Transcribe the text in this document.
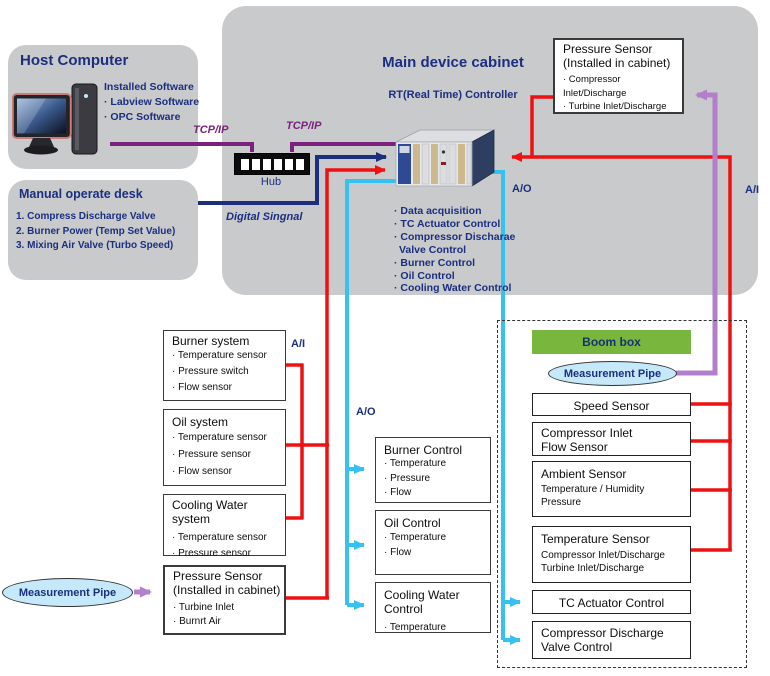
Host Computer
Installed Software
· Labview Software
· OPC Software
Manual operate desk
1. Compress Discharge Valve
2. Burner Power (Temp Set Value)
3. Mixing Air Valve (Turbo Speed)
Hub
TCP/IP	TCP/IP
Digital Singnal
A/O	A/I
A/I
A/O
Main device cabinet
RT(Real Time) Controller
· Data acquisition
· TC Actuator Control
· Compressor Discharae
Valve Control
· Burner Control
· Oil Control
· Cooling Water Control
Pressure Sensor
(Installed in cabinet)
· Compressor Inlet/Discharge
· Turbine Inlet/Discharge
Burner system
· Temperature sensor
· Pressure switch
· Flow sensor
Oil system
· Temperature sensor
· Pressure sensor
· Flow sensor
Cooling Water system
· Temperature sensor
· Pressure sensor
Pressure Sensor
(Installed in cabinet)
· Turbine Inlet
· Burnrt Air
Measurement Pipe
Measurement Pipe
Burner Control
· Temperature
· Pressure
· Flow
Oil Control
· Temperature
· Flow
Cooling Water Control
· Temperature
Boom box
Speed Sensor
Compressor Inlet
Flow Sensor
Ambient Sensor
Temperature / Humidity
Pressure
Temperature Sensor
Compressor Inlet/Discharge
Turbine Inlet/Discharge
TC Actuator Control
Compressor Discharge
Valve Control
